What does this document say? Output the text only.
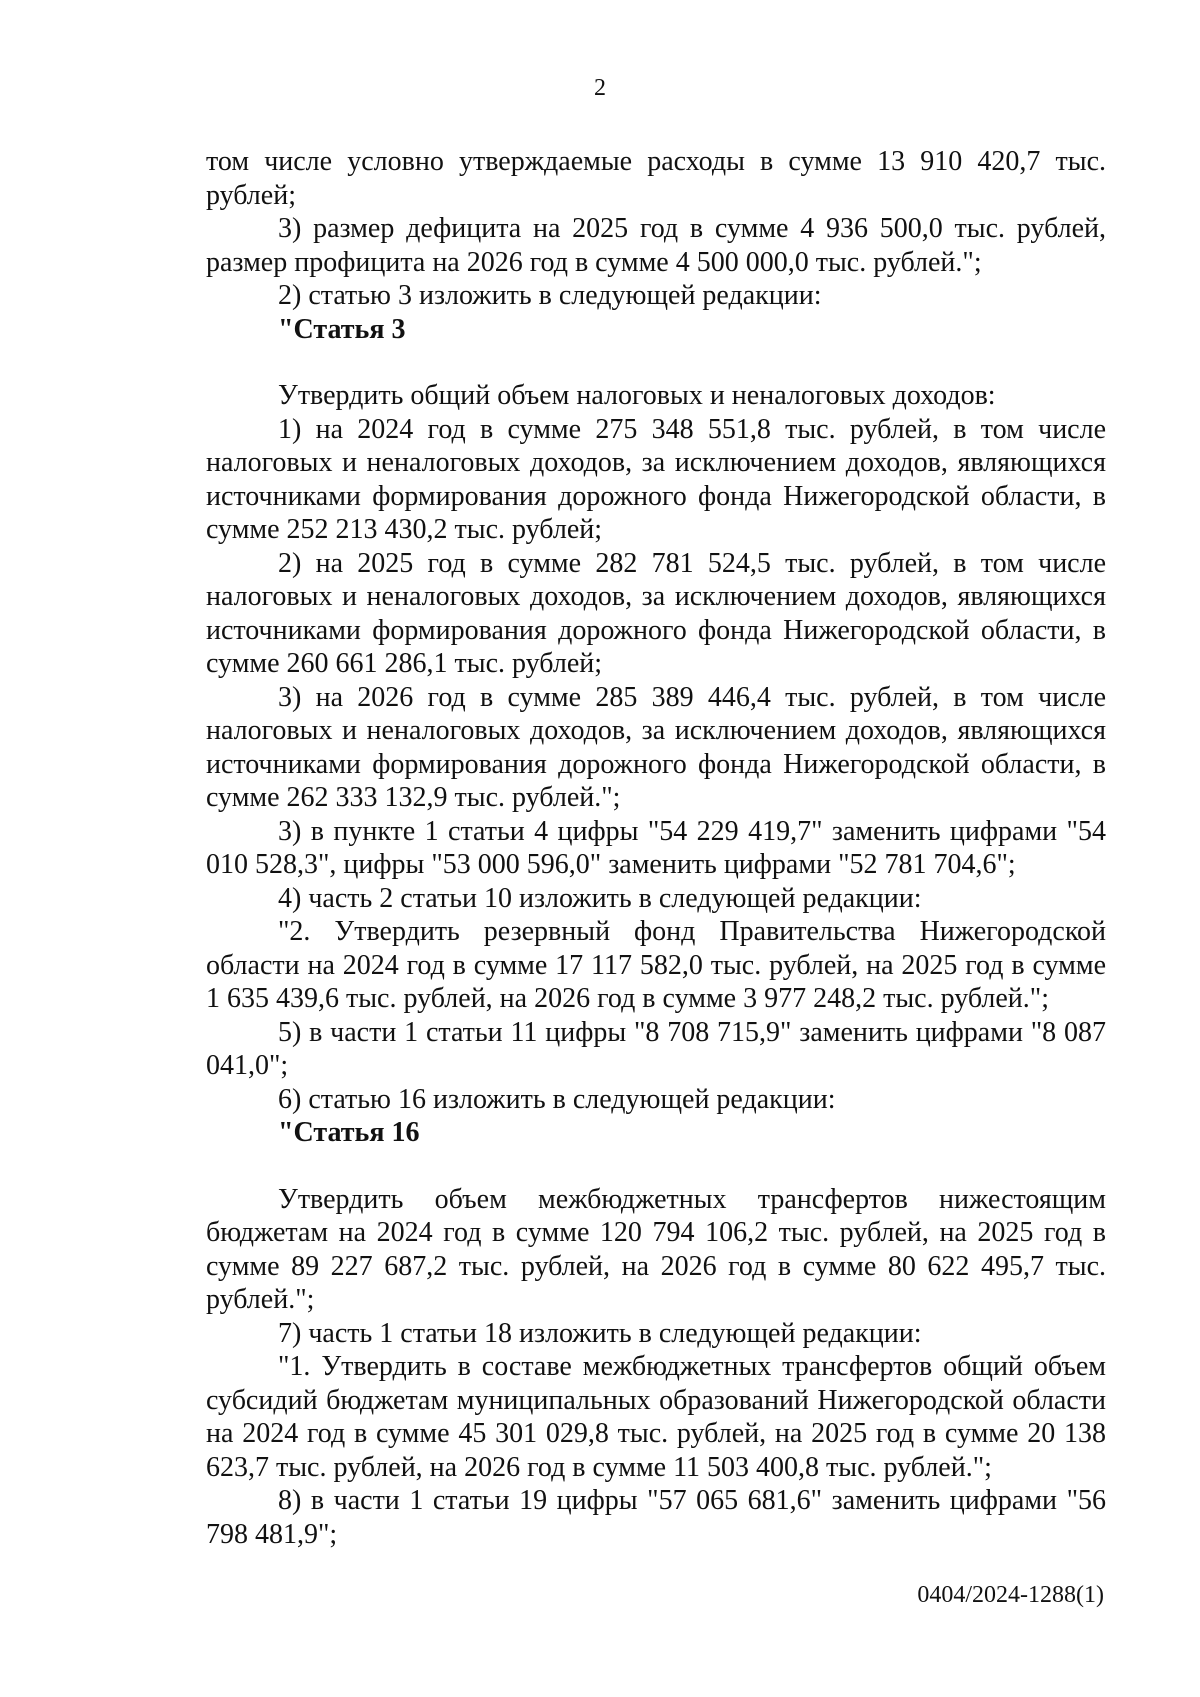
2

том числе условно утверждаемые расходы в сумме 13 910 420,7 тыс. рублей;

3) размер дефицита на 2025 год в сумме 4 936 500,0 тыс. рублей, размер профицита на 2026 год в сумме 4 500 000,0 тыс. рублей.";

2) статью 3 изложить в следующей редакции:

"Статья 3

Утвердить общий объем налоговых и неналоговых доходов:

1) на 2024 год в сумме 275 348 551,8 тыс. рублей, в том числе налоговых и неналоговых доходов, за исключением доходов, являющихся источниками формирования дорожного фонда Нижегородской области, в сумме 252 213 430,2 тыс. рублей;

2) на 2025 год в сумме 282 781 524,5 тыс. рублей, в том числе налоговых и неналоговых доходов, за исключением доходов, являющихся источниками формирования дорожного фонда Нижегородской области, в сумме 260 661 286,1 тыс. рублей;

3) на 2026 год в сумме 285 389 446,4 тыс. рублей, в том числе налоговых и неналоговых доходов, за исключением доходов, являющихся источниками формирования дорожного фонда Нижегородской области, в сумме 262 333 132,9 тыс. рублей.";

3) в пункте 1 статьи 4 цифры "54 229 419,7" заменить цифрами "54 010 528,3", цифры "53 000 596,0" заменить цифрами "52 781 704,6";

4) часть 2 статьи 10 изложить в следующей редакции:

"2. Утвердить резервный фонд Правительства Нижегородской области на 2024 год в сумме 17 117 582,0 тыс. рублей, на 2025 год в сумме 1 635 439,6 тыс. рублей, на 2026 год в сумме 3 977 248,2 тыс. рублей.";

5) в части 1 статьи 11 цифры "8 708 715,9" заменить цифрами "8 087 041,0";

6) статью 16 изложить в следующей редакции:

"Статья 16

Утвердить объем межбюджетных трансфертов нижестоящим бюджетам на 2024 год в сумме 120 794 106,2 тыс. рублей, на 2025 год в сумме 89 227 687,2 тыс. рублей, на 2026 год в сумме 80 622 495,7 тыс. рублей.";

7) часть 1 статьи 18 изложить в следующей редакции:

"1. Утвердить в составе межбюджетных трансфертов общий объем субсидий бюджетам муниципальных образований Нижегородской области на 2024 год в сумме 45 301 029,8 тыс. рублей, на 2025 год в сумме 20 138 623,7 тыс. рублей, на 2026 год в сумме 11 503 400,8 тыс. рублей.";

8) в части 1 статьи 19 цифры "57 065 681,6" заменить цифрами "56 798 481,9";

0404/2024-1288(1)
